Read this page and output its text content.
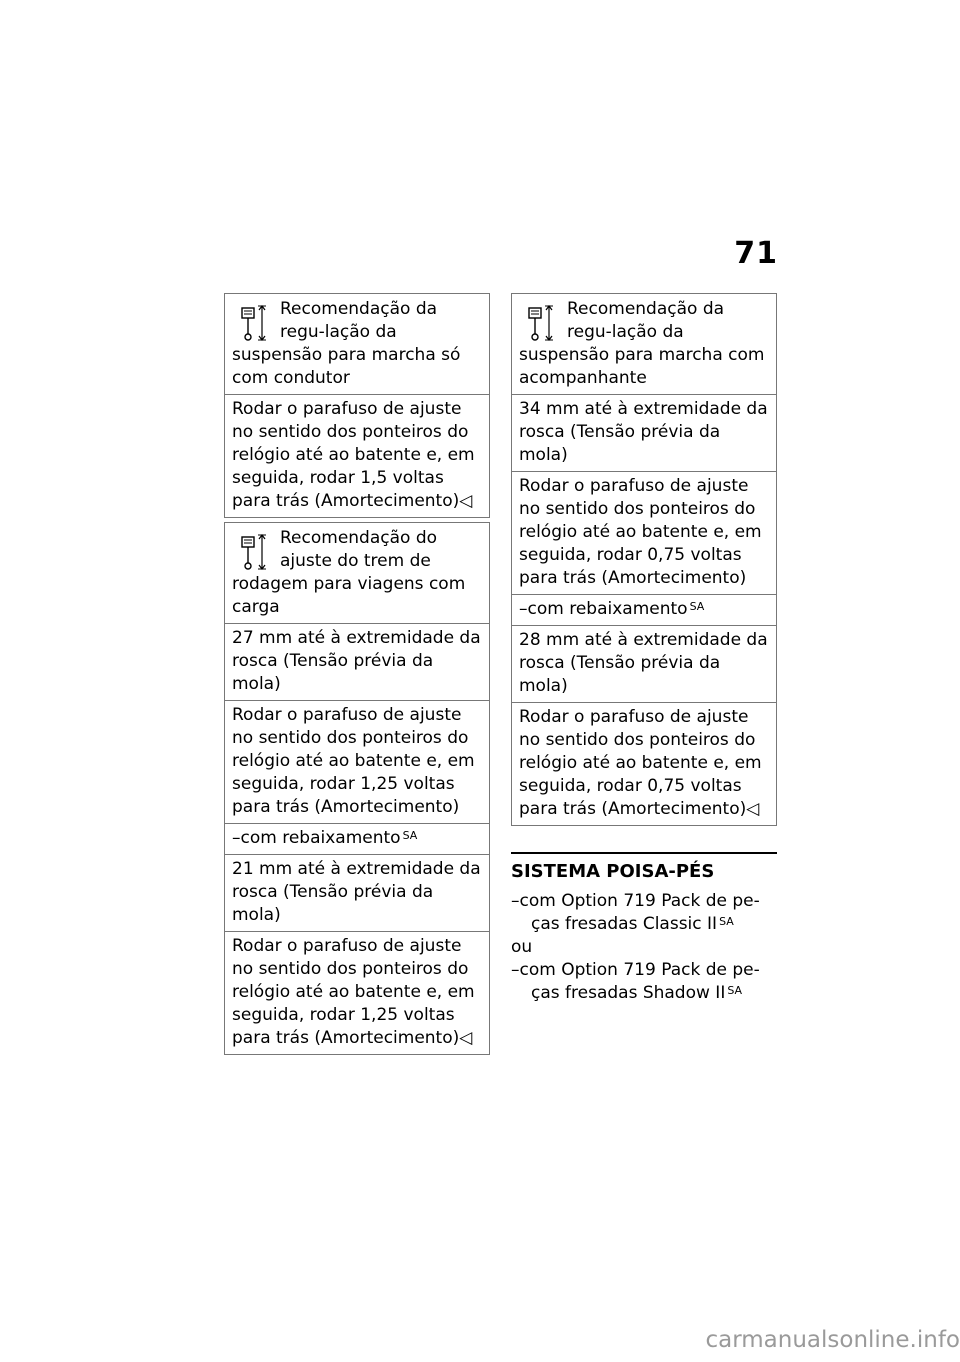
71
Recomendação da regu-lação da suspensão para marcha só com condutor
Rodar o parafuso de ajuste no sentido dos ponteiros do relógio até ao batente e, em seguida, rodar 1,5 voltas para trás (Amortecimento)◁
Recomendação do ajuste do trem de rodagem para viagens com carga
27 mm até à extremidade da rosca (Tensão prévia da mola)
Rodar o parafuso de ajuste no sentido dos ponteiros do relógio até ao batente e, em seguida, rodar 1,25 voltas para trás (Amortecimento)
–com rebaixamento $^{SA}$
21 mm até à extremidade da rosca (Tensão prévia da mola)
Rodar o parafuso de ajuste no sentido dos ponteiros do relógio até ao batente e, em seguida, rodar 1,25 voltas para trás (Amortecimento)◁
Recomendação da regu-lação da suspensão para marcha com acompanhante
34 mm até à extremidade da rosca (Tensão prévia da mola)
Rodar o parafuso de ajuste no sentido dos ponteiros do relógio até ao batente e, em seguida, rodar 0,75 voltas para trás (Amortecimento)
–com rebaixamento $^{SA}$
28 mm até à extremidade da rosca (Tensão prévia da mola)
Rodar o parafuso de ajuste no sentido dos ponteiros do relógio até ao batente e, em seguida, rodar 0,75 voltas para trás (Amortecimento)◁
SISTEMA POISA-PÉS
–com Option 719 Pack de pe-ças fresadas Classic II $^{SA}$
ou
–com Option 719 Pack de pe-ças fresadas Shadow II $^{SA}$
carmanualsonline.info
